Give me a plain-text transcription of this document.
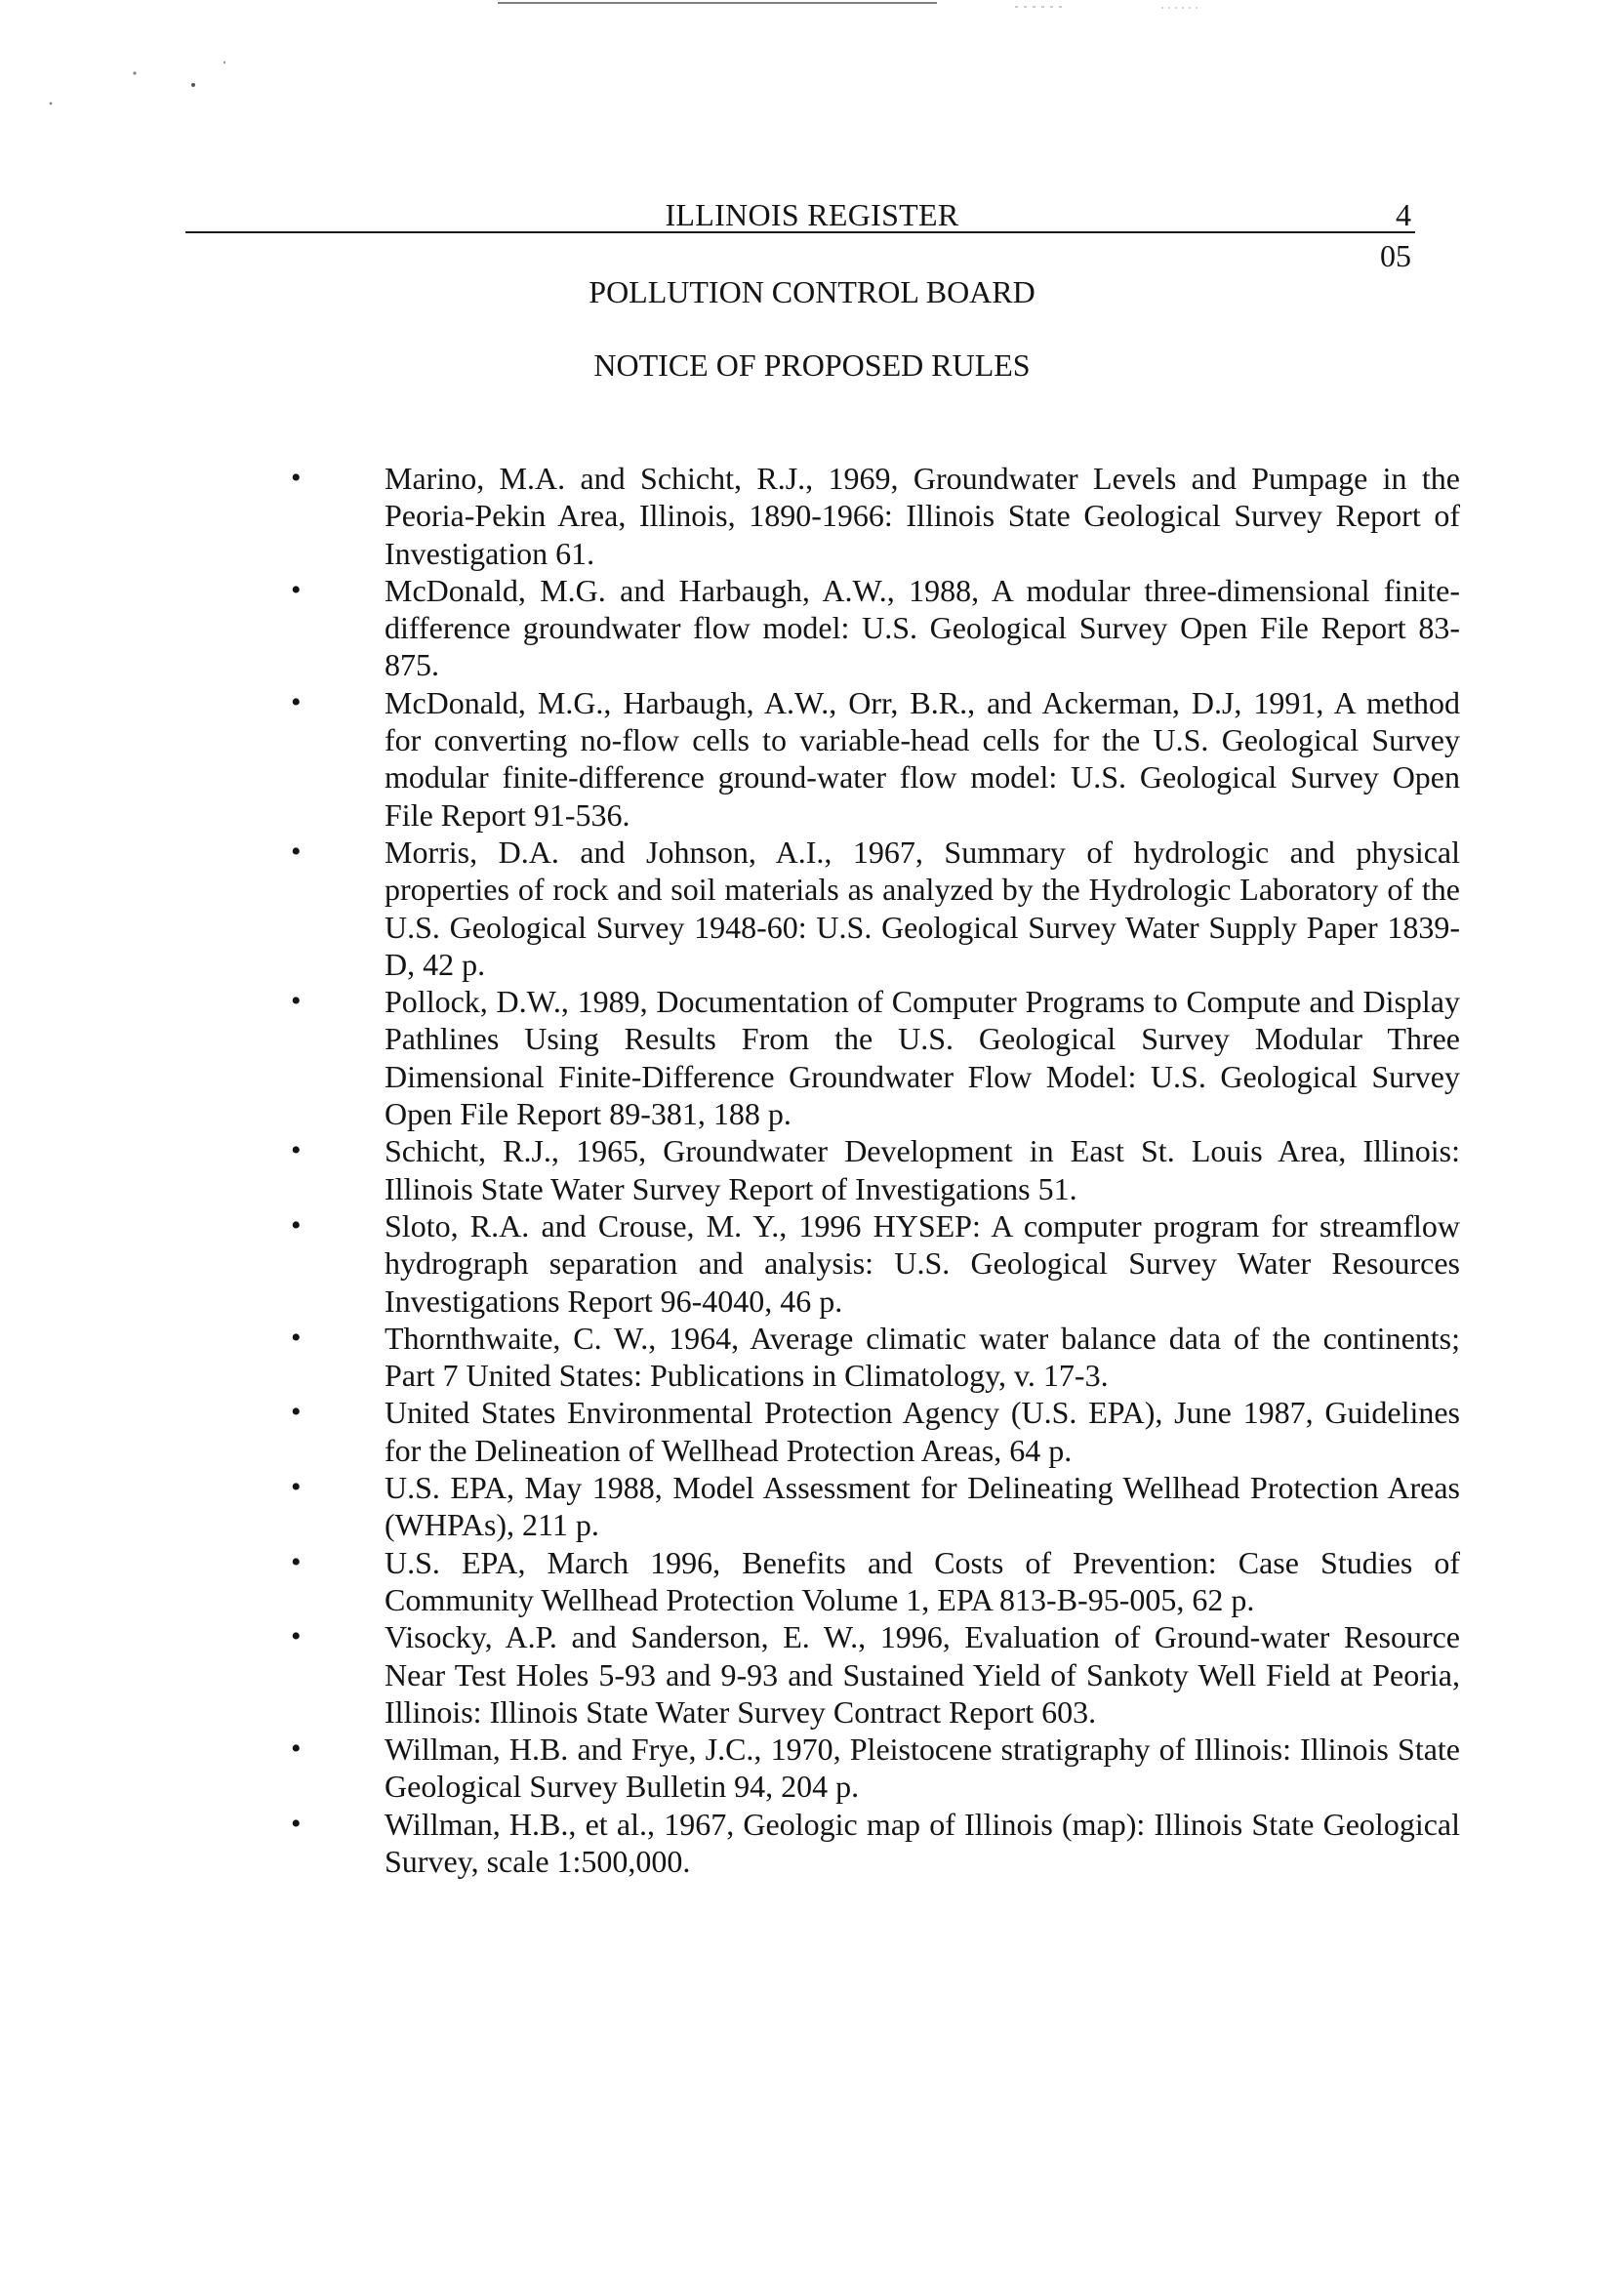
ILLINOIS REGISTER	4
05
POLLUTION CONTROL BOARD
NOTICE OF PROPOSED RULES
•	Marino, M.A. and Schicht, R.J., 1969, Groundwater Levels and Pumpage in the Peoria-Pekin Area, Illinois, 1890-1966: Illinois State Geological Survey Report of Investigation 61.
•	McDonald, M.G. and Harbaugh, A.W., 1988, A modular three-dimensional finite-difference groundwater flow model: U.S. Geological Survey Open File Report 83-875.
•	McDonald, M.G., Harbaugh, A.W., Orr, B.R., and Ackerman, D.J, 1991, A method for converting no-flow cells to variable-head cells for the U.S. Geological Survey modular finite-difference ground-water flow model: U.S. Geological Survey Open File Report 91-536.
•	Morris, D.A. and Johnson, A.I., 1967, Summary of hydrologic and physical properties of rock and soil materials as analyzed by the Hydrologic Laboratory of the U.S. Geological Survey 1948-60: U.S. Geological Survey Water Supply Paper 1839-D, 42 p.
•	Pollock, D.W., 1989, Documentation of Computer Programs to Compute and Display Pathlines Using Results From the U.S. Geological Survey Modular Three Dimensional Finite-Difference Groundwater Flow Model: U.S. Geological Survey Open File Report 89-381, 188 p.
•	Schicht, R.J., 1965, Groundwater Development in East St. Louis Area, Illinois: Illinois State Water Survey Report of Investigations 51.
•	Sloto, R.A. and Crouse, M. Y., 1996 HYSEP: A computer program for streamflow hydrograph separation and analysis: U.S. Geological Survey Water Resources Investigations Report 96-4040, 46 p.
•	Thornthwaite, C. W., 1964, Average climatic water balance data of the continents; Part 7 United States: Publications in Climatology, v. 17-3.
•	United States Environmental Protection Agency (U.S. EPA), June 1987, Guidelines for the Delineation of Wellhead Protection Areas, 64 p.
•	U.S. EPA, May 1988, Model Assessment for Delineating Wellhead Protection Areas (WHPAs), 211 p.
•	U.S. EPA, March 1996, Benefits and Costs of Prevention: Case Studies of Community Wellhead Protection Volume 1, EPA 813-B-95-005, 62 p.
•	Visocky, A.P. and Sanderson, E. W., 1996, Evaluation of Ground-water Resource Near Test Holes 5-93 and 9-93 and Sustained Yield of Sankoty Well Field at Peoria, Illinois: Illinois State Water Survey Contract Report 603.
•	Willman, H.B. and Frye, J.C., 1970, Pleistocene stratigraphy of Illinois: Illinois State Geological Survey Bulletin 94, 204 p.
•	Willman, H.B., et al., 1967, Geologic map of Illinois (map): Illinois State Geological Survey, scale 1:500,000.
